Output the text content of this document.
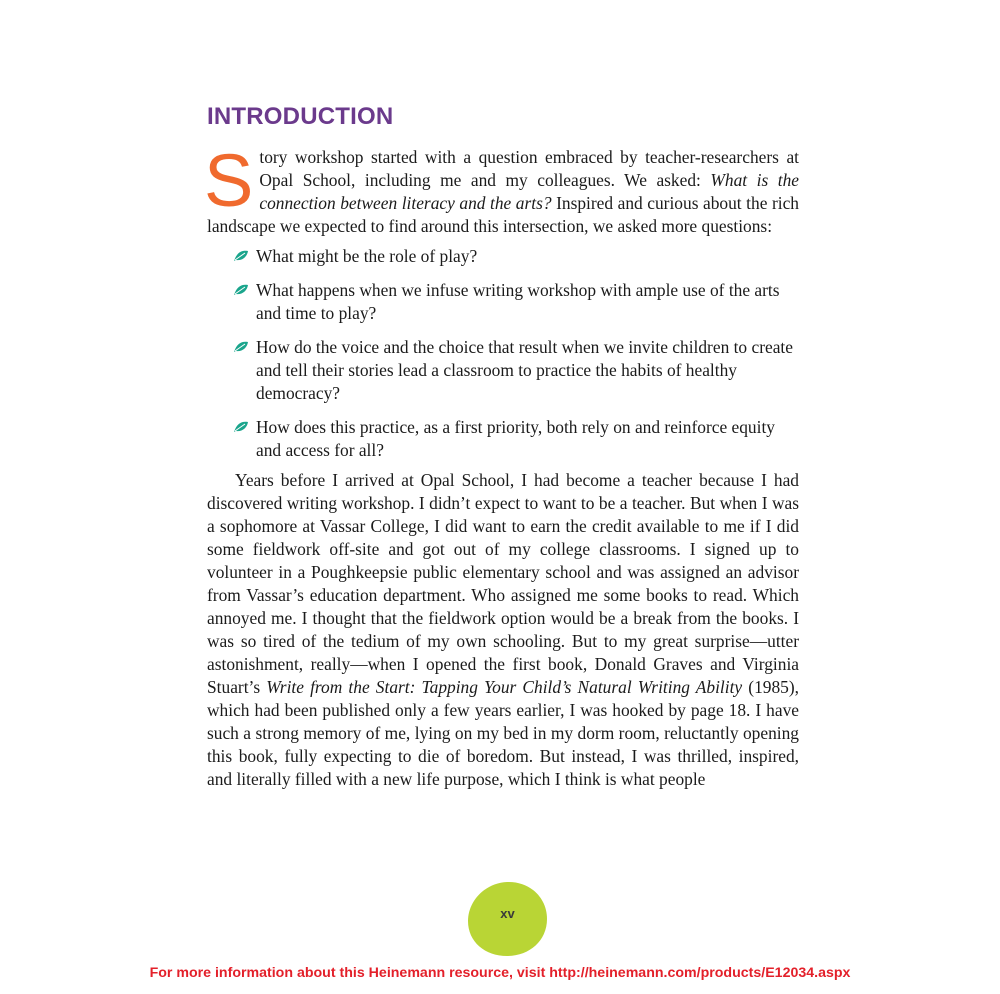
INTRODUCTION

Story workshop started with a question embraced by teacher-researchers at Opal School, including me and my colleagues. We asked: What is the connection between literacy and the arts? Inspired and curious about the rich landscape we expected to find around this intersection, we asked more questions:

What might be the role of play?
What happens when we infuse writing workshop with ample use of the arts and time to play?
How do the voice and the choice that result when we invite children to create and tell their stories lead a classroom to practice the habits of healthy democracy?
How does this practice, as a first priority, both rely on and reinforce equity and access for all?

Years before I arrived at Opal School, I had become a teacher because I had discovered writing workshop. I didn’t expect to want to be a teacher. But when I was a sophomore at Vassar College, I did want to earn the credit available to me if I did some fieldwork off-site and got out of my college classrooms. I signed up to volunteer in a Poughkeepsie public elementary school and was assigned an advisor from Vassar’s education department. Who assigned me some books to read. Which annoyed me. I thought that the fieldwork option would be a break from the books. I was so tired of the tedium of my own schooling. But to my great surprise—utter astonishment, really—when I opened the first book, Donald Graves and Virginia Stuart’s Write from the Start: Tapping Your Child’s Natural Writing Ability (1985), which had been published only a few years earlier, I was hooked by page 18. I have such a strong memory of me, lying on my bed in my dorm room, reluctantly opening this book, fully expecting to die of boredom. But instead, I was thrilled, inspired, and literally filled with a new life purpose, which I think is what people

xv

For more information about this Heinemann resource, visit http://heinemann.com/products/E12034.aspx
